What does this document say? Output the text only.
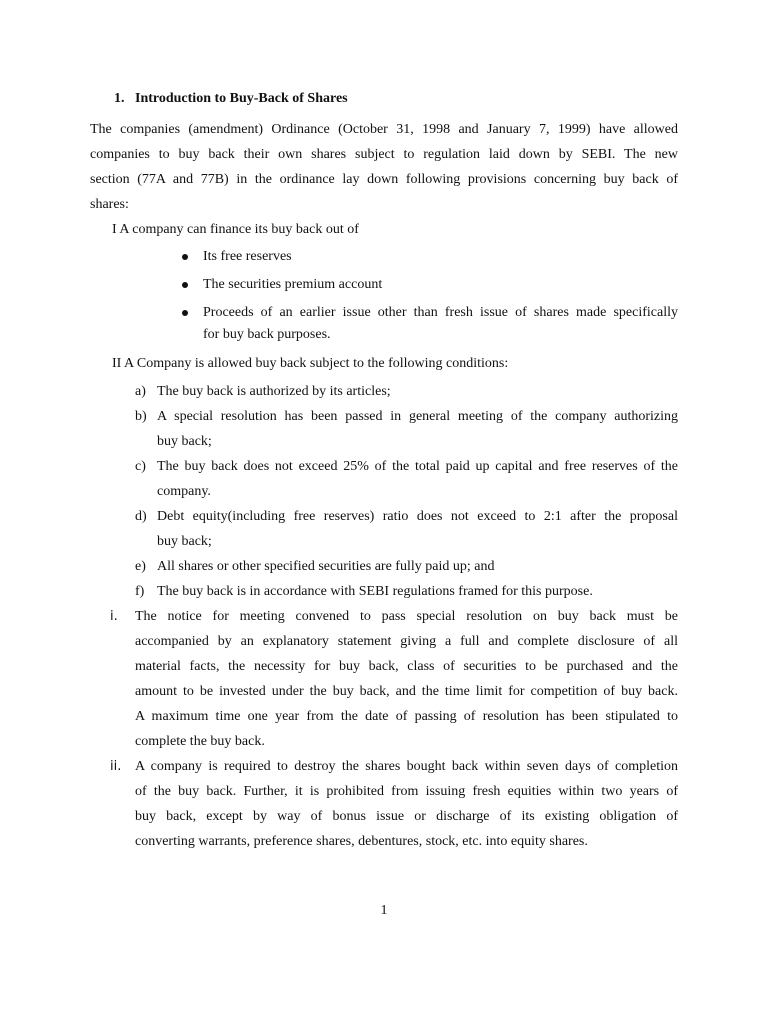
1. Introduction to Buy-Back of Shares
The companies (amendment) Ordinance (October 31, 1998 and January 7, 1999) have allowed
companies to buy back their own shares subject to regulation laid down by SEBI. The new
section (77A and 77B) in the ordinance lay down following provisions concerning buy back of
shares:
I A company can finance its buy back out of
Its free reserves
The securities premium account
Proceeds of an earlier issue other than fresh issue of shares made specifically
for buy back purposes.
II A Company is allowed buy back subject to the following conditions:
a) The buy back is authorized by its articles;
b) A special resolution has been passed in general meeting of the company authorizing
buy back;
c) The buy back does not exceed 25% of the total paid up capital and free reserves of the
company.
d) Debt equity(including free reserves) ratio does not exceed to 2:1 after the proposal
buy back;
e) All shares or other specified securities are fully paid up; and
f) The buy back is in accordance with SEBI regulations framed for this purpose.
i. The notice for meeting convened to pass special resolution on buy back must be
accompanied by an explanatory statement giving a full and complete disclosure of all
material facts, the necessity for buy back, class of securities to be purchased and the
amount to be invested under the buy back, and the time limit for competition of buy back.
A maximum time one year from the date of passing of resolution has been stipulated to
complete the buy back.
ii. A company is required to destroy the shares bought back within seven days of completion
of the buy back. Further, it is prohibited from issuing fresh equities within two years of
buy back, except by way of bonus issue or discharge of its existing obligation of
converting warrants, preference shares, debentures, stock, etc. into equity shares.
1
